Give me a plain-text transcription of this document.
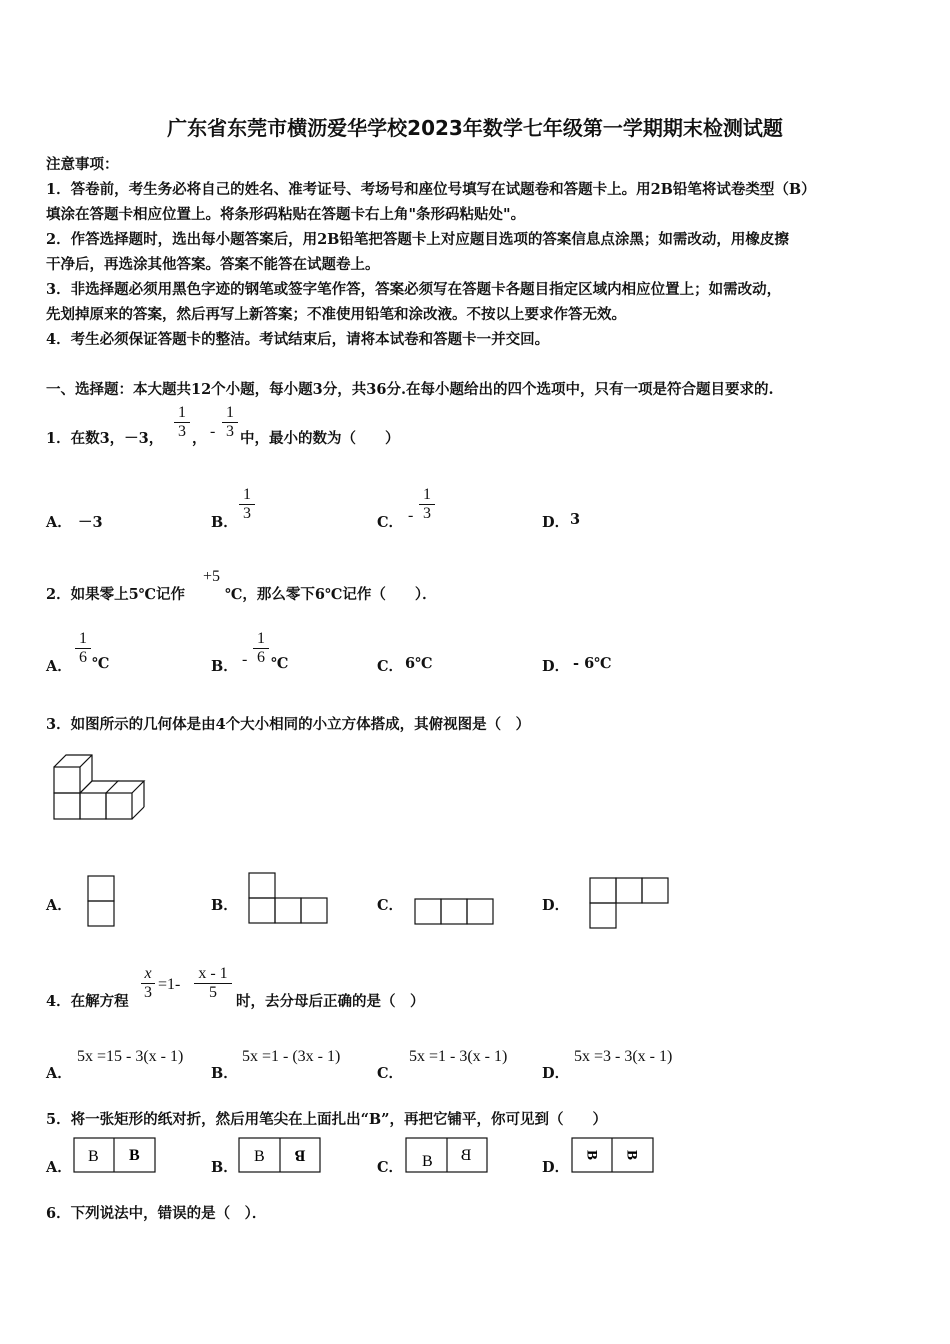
广东省东莞市横沥爱华学校2023年数学七年级第一学期期末检测试题
注意事项：
1．答卷前，考生务必将自己的姓名、准考证号、考场号和座位号填写在试题卷和答题卡上。用2B铅笔将试卷类型（B）
填涂在答题卡相应位置上。将条形码粘贴在答题卡右上角"条形码粘贴处"。
2．作答选择题时，选出每小题答案后，用2B铅笔把答题卡上对应题目选项的答案信息点涂黑；如需改动，用橡皮擦
干净后，再选涂其他答案。答案不能答在试题卷上。
3．非选择题必须用黑色字迹的钢笔或签字笔作答，答案必须写在答题卡各题目指定区域内相应位置上；如需改动，
先划掉原来的答案，然后再写上新答案；不准使用铅笔和涂改液。不按以上要求作答无效。
4．考生必须保证答题卡的整洁。考试结束后，请将本试卷和答题卡一并交回。
一、选择题：本大题共12个小题，每小题3分，共36分.在每小题给出的四个选项中，只有一项是符合题目要求的.
1．在数3，－3，
1
3 ， -
1
3 中，最小的数为（　　）
A． －3	B．
1
3
C． -
1
3
D． 3
2．如果零上5℃记作
+5
℃，那么零下6℃记作（　　）．
A．
1
6 ℃	B． -
1
6 ℃	C． 6℃	D． - 6℃
3．如图所示的几何体是由4个大小相同的小立方体搭成，其俯视图是（　）
A．	B．	C．	D．
4．在解方程
x
3 =1-
x - 1
5
时，去分母后正确的是（　）
A．
5x =15 - 3(x - 1)
B．
5x =1 - (3x - 1)
C．
5x =1 - 3(x - 1)
D．
5x =3 - 3(x - 1)
5．将一张矩形的纸对折，然后用笔尖在上面扎出“B”，再把它铺平，你可见到（　　）
A．
B B
B．
B B
C． B B
D．
B B
6．下列说法中，错误的是（　）．
